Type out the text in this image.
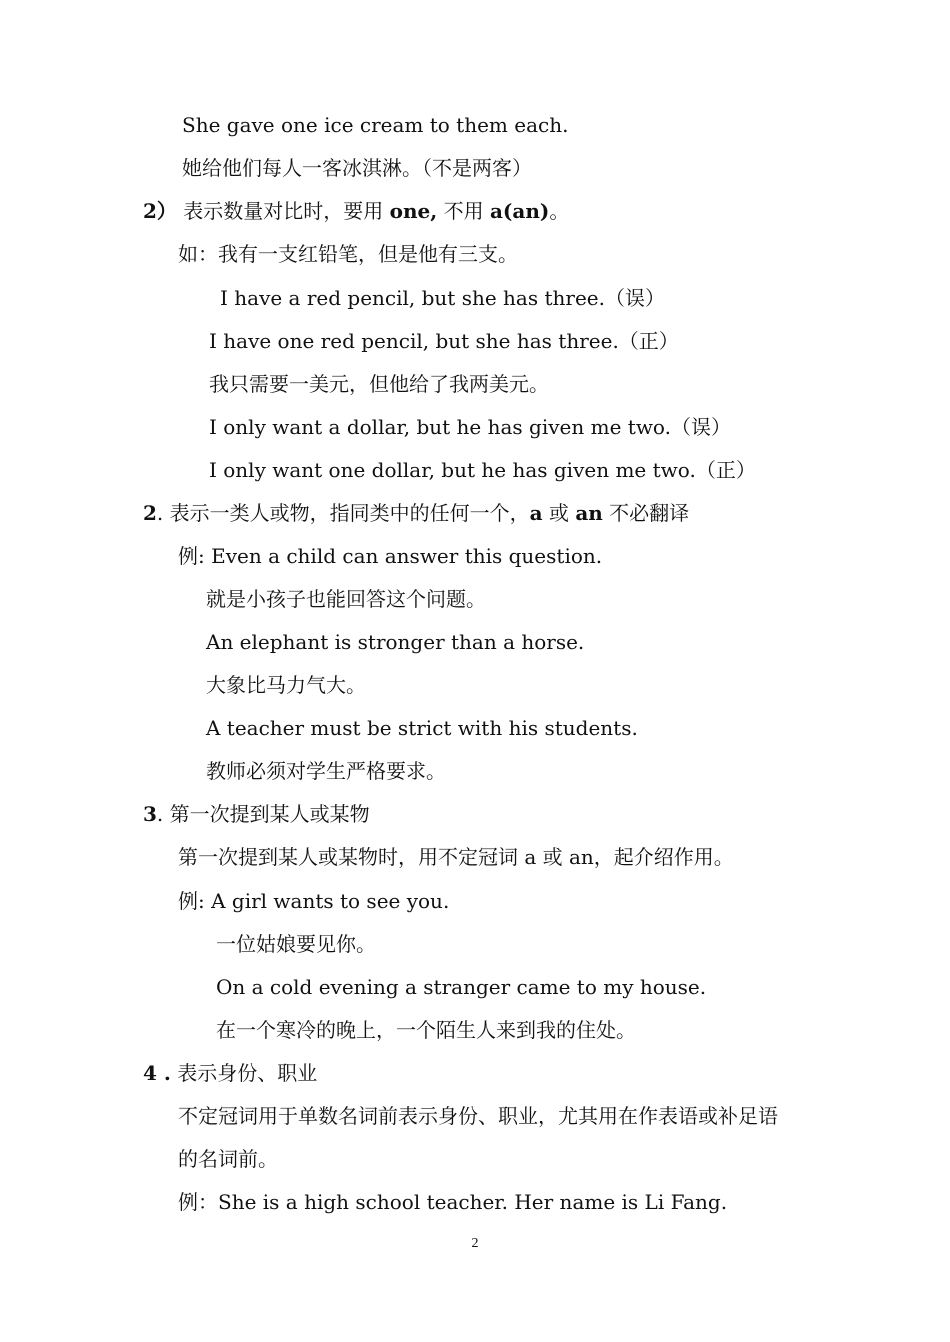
She gave one ice cream to them each.
她给他们每人一客冰淇淋。（不是两客）
2） 表示数量对比时，要用 one, 不用 a(an)。
如：我有一支红铅笔，但是他有三支。
I have a red pencil, but she has three.（误）
I have one red pencil, but she has three.（正）
我只需要一美元，但他给了我两美元。
I only want a dollar, but he has given me two.（误）
I only want one dollar, but he has given me two.（正）
2. 表示一类人或物，指同类中的任何一个，a 或 an 不必翻译
例: Even a child can answer this question.
就是小孩子也能回答这个问题。
An elephant is stronger than a horse.
大象比马力气大。
A teacher must be strict with his students.
教师必须对学生严格要求。
3. 第一次提到某人或某物
第一次提到某人或某物时，用不定冠词 a 或 an，起介绍作用。
例: A girl wants to see you.
一位姑娘要见你。
On a cold evening a stranger came to my house.
在一个寒冷的晚上，一个陌生人来到我的住处。
4 . 表示身份、职业
不定冠词用于单数名词前表示身份、职业，尤其用在作表语或补足语
的名词前。
例：She is a high school teacher. Her name is Li Fang.
2
